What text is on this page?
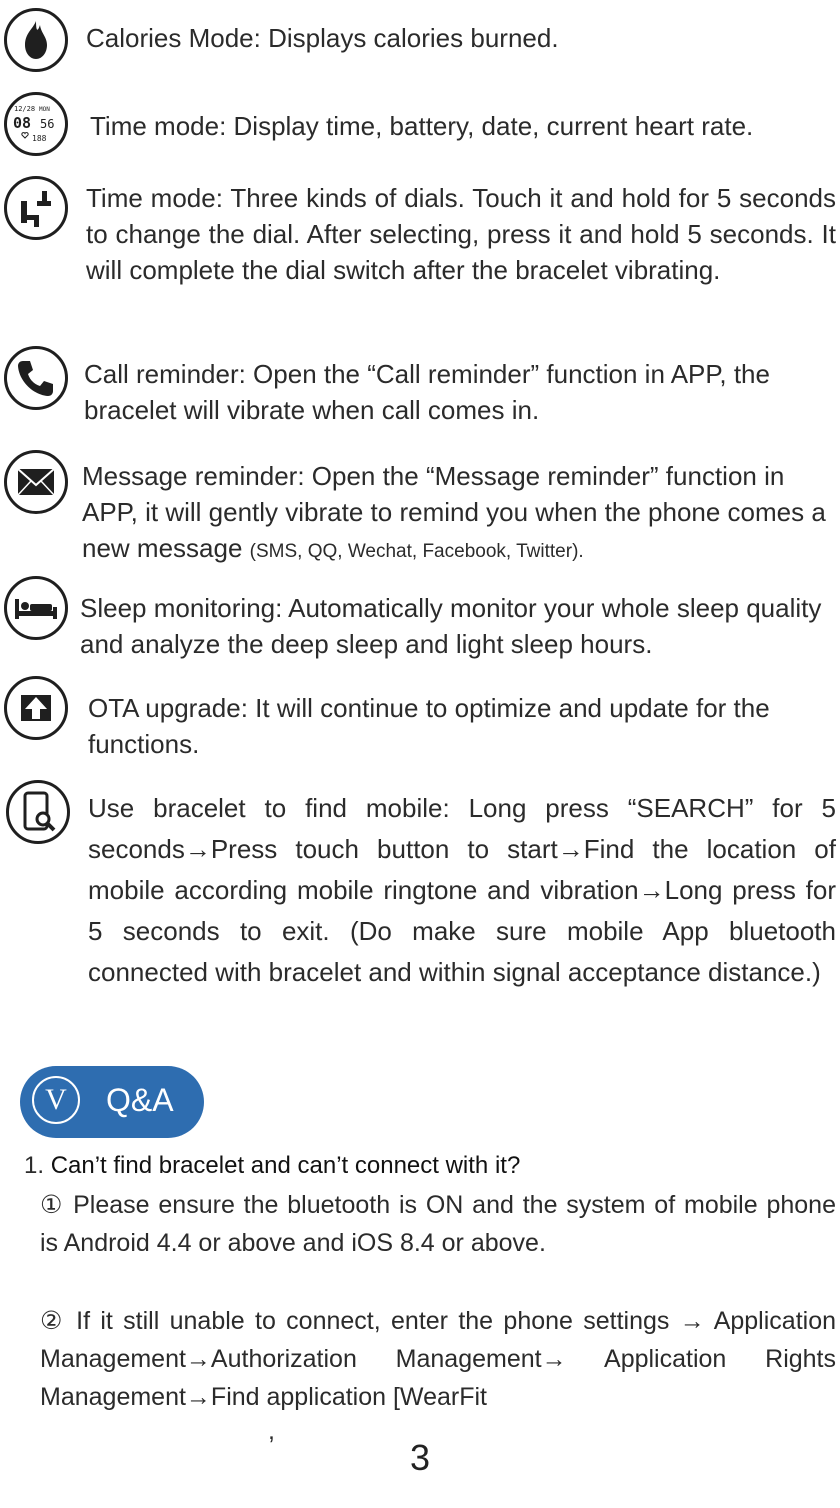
Calories Mode: Displays calories burned.
12/28 MON
08 56
188 Time mode: Display time, battery, date, current heart rate.
Time mode: Three kinds of dials. Touch it and hold for 5 seconds to change the dial. After selecting, press it and hold 5 seconds. It will complete the dial switch after the bracelet vibrating.
Call reminder: Open the “Call reminder” function in APP, the bracelet will vibrate when call comes in.
Message reminder: Open the “Message reminder” function in APP, it will gently vibrate to remind you when the phone comes a new message (SMS, QQ, Wechat, Facebook, Twitter).
Sleep monitoring: Automatically monitor your whole sleep quality and analyze the deep sleep and light sleep hours.
OTA upgrade: It will continue to optimize and update for the functions.
Use bracelet to find mobile: Long press “SEARCH” for 5 seconds→Press touch button to start→Find the location of mobile according mobile ringtone and vibration→Long press for 5 seconds to exit. (Do make sure mobile App bluetooth connected with bracelet and within signal acceptance distance.)
V	Q&A
1. Can’t find bracelet and can’t connect with it?
① Please ensure the bluetooth is ON and the system of mobile phone is Android 4.4 or above and iOS 8.4 or above.
② If it still unable to connect, enter the phone settings → Application Management→Authorization Management→ Application Rights Management→Find application [WearFit
,
3
